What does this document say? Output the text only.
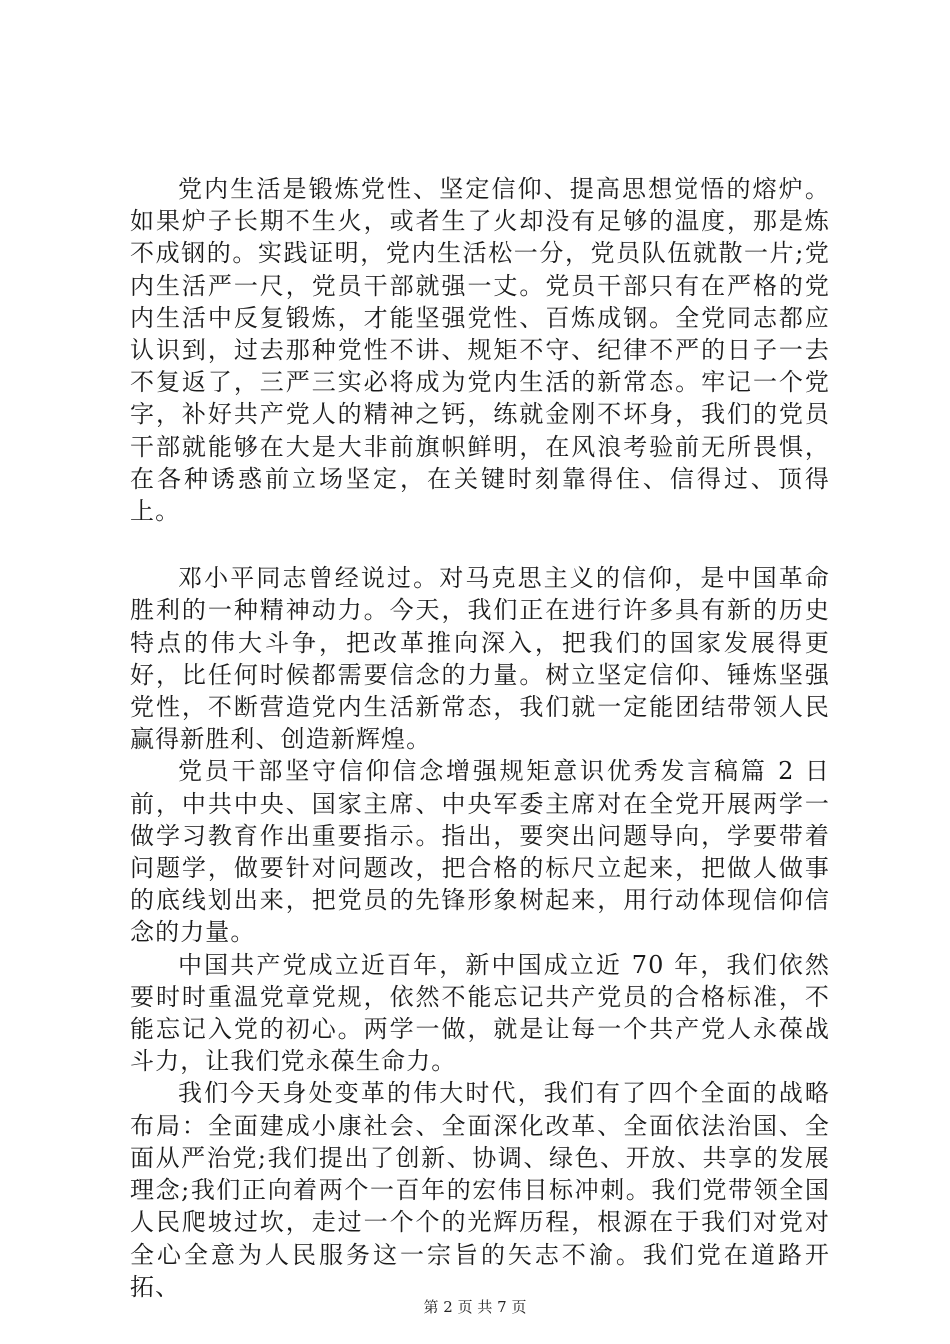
党内生活是锻炼党性、坚定信仰、提高思想觉悟的熔炉。如果炉子长期不生火，或者生了火却没有足够的温度，那是炼不成钢的。实践证明，党内生活松一分，党员队伍就散一片;党内生活严一尺，党员干部就强一丈。党员干部只有在严格的党内生活中反复锻炼，才能坚强党性、百炼成钢。全党同志都应认识到，过去那种党性不讲、规矩不守、纪律不严的日子一去不复返了，三严三实必将成为党内生活的新常态。牢记一个党字，补好共产党人的精神之钙，练就金刚不坏身，我们的党员干部就能够在大是大非前旗帜鲜明，在风浪考验前无所畏惧，在各种诱惑前立场坚定，在关键时刻靠得住、信得过、顶得上。

邓小平同志曾经说过。对马克思主义的信仰，是中国革命胜利的一种精神动力。今天，我们正在进行许多具有新的历史特点的伟大斗争，把改革推向深入，把我们的国家发展得更好，比任何时候都需要信念的力量。树立坚定信仰、锤炼坚强党性，不断营造党内生活新常态，我们就一定能团结带领人民赢得新胜利、创造新辉煌。

党员干部坚守信仰信念增强规矩意识优秀发言稿篇 2 日前，中共中央、国家主席、中央军委主席对在全党开展两学一做学习教育作出重要指示。指出，要突出问题导向，学要带着问题学，做要针对问题改，把合格的标尺立起来，把做人做事的底线划出来，把党员的先锋形象树起来，用行动体现信仰信念的力量。

中国共产党成立近百年，新中国成立近 70 年，我们依然要时时重温党章党规，依然不能忘记共产党员的合格标准，不能忘记入党的初心。两学一做，就是让每一个共产党人永葆战斗力，让我们党永葆生命力。

我们今天身处变革的伟大时代，我们有了四个全面的战略布局：全面建成小康社会、全面深化改革、全面依法治国、全面从严治党;我们提出了创新、协调、绿色、开放、共享的发展理念;我们正向着两个一百年的宏伟目标冲刺。我们党带领全国人民爬坡过坎，走过一个个的光辉历程，根源在于我们对党对全心全意为人民服务这一宗旨的矢志不渝。我们党在道路开拓、

第 2 页 共 7 页
